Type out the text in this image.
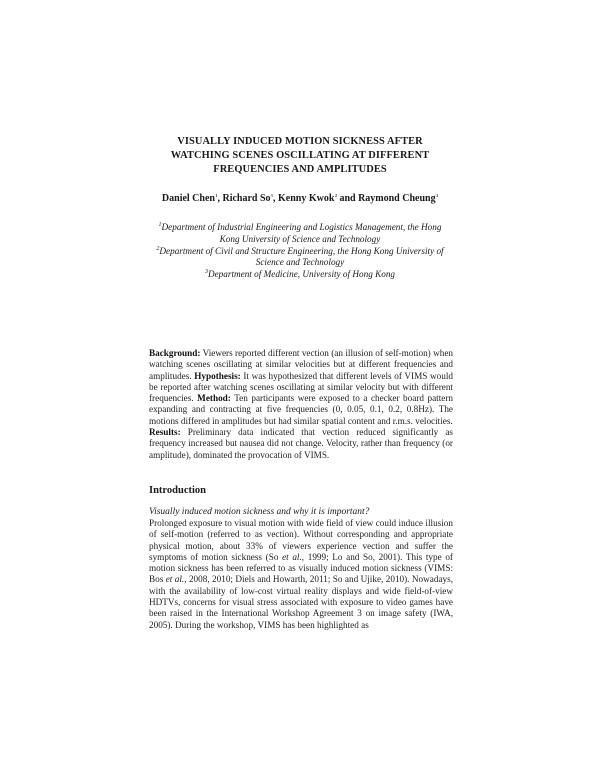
VISUALLY INDUCED MOTION SICKNESS AFTER
WATCHING SCENES OSCILLATING AT DIFFERENT
FREQUENCIES AND AMPLITUDES
Daniel Chen$^1$, Richard So$^1$, Kenny Kwok$^2$ and Raymond Cheung$^3$
$^1$Department of Industrial Engineering and Logistics Management, the Hong
Kong University of Science and Technology
$^2$Department of Civil and Structure Engineering, the Hong Kong University of
Science and Technology
$^3$Department of Medicine, University of Hong Kong
Background: Viewers reported different vection (an illusion of self-motion) when watching scenes oscillating at similar velocities but at different frequencies and amplitudes. Hypothesis: It was hypothesized that different levels of VIMS would be reported after watching scenes oscillating at similar velocity but with different frequencies. Method: Ten participants were exposed to a checker board pattern expanding and contracting at five frequencies (0, 0.05, 0.1, 0.2, 0.8Hz). The motions differed in amplitudes but had similar spatial content and r.m.s. velocities.
Results: Preliminary data indicated that vection reduced significantly as frequency increased but nausea did not change. Velocity, rather than frequency (or amplitude), dominated the provocation of VIMS.
Introduction
Visually induced motion sickness and why it is important?
Prolonged exposure to visual motion with wide field of view could induce illusion of self-motion (referred to as vection). Without corresponding and appropriate physical motion, about 33% of viewers experience vection and suffer the symptoms of motion sickness (So et al., 1999; Lo and So, 2001). This type of motion sickness has been referred to as visually induced motion sickness (VIMS: Bos et al., 2008, 2010; Diels and Howarth, 2011; So and Ujike, 2010). Nowadays, with the availability of low-cost virtual reality displays and wide field-of-view HDTVs, concerns for visual stress associated with exposure to video games have been raised in the International Workshop Agreement 3 on image safety (IWA, 2005). During the workshop, VIMS has been highlighted as
